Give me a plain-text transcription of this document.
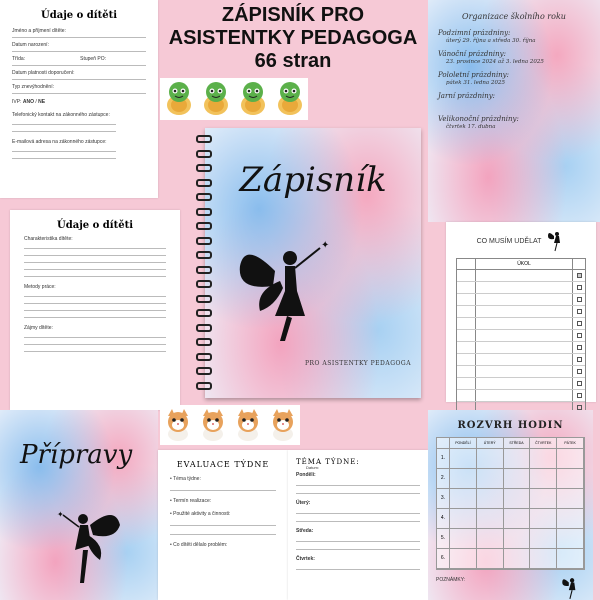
Údaje o dítěti
Jméno a příjmení dítěte:
Datum narození:
Třída:	Stupeň PO:
Datum platnosti doporučení:
Typ znevýhodnění:
IVP: ANO / NE
Telefonický kontakt na zákonného zástupce:
E-mailová adresa na zákonného zástupce:
ZÁPISNÍK PRO
ASISTENTKY PEDAGOGA
66 stran
Organizace školního roku
Podzimní prázdniny:
úterý 29. října a středa 30. října
Vánoční prázdniny:
23. prosince 2024 až 3. ledna 2025
Pololetní prázdniny:
pátek 31. ledna 2025
Jarní prázdniny:
Velikonoční prázdniny:
čtvrtek 17. dubna
Zápisník
✦
PRO ASISTENTKY PEDAGOGA
Údaje o dítěti
Charakteristika dítěte:
Metody práce:
Zájmy dítěte:
CO MUSÍM UDĚLAT
ÚKOL
Přípravy
✦
EVALUACE TÝDNE
• Téma týdne:
• Termín realizace:
• Použité aktivity a činnosti:
• Co dítěti dělalo problém:
TÉMA TÝDNE:
Datum:
Pondělí:
Úterý:
Středa:
Čtvrtek:
ROZVRH HODIN
PONDĚLÍ	ÚTERÝ	STŘEDA	ČTVRTEK	PÁTEK
1.
2.
3.
4.
5.
6.
POZNÁMKY:
